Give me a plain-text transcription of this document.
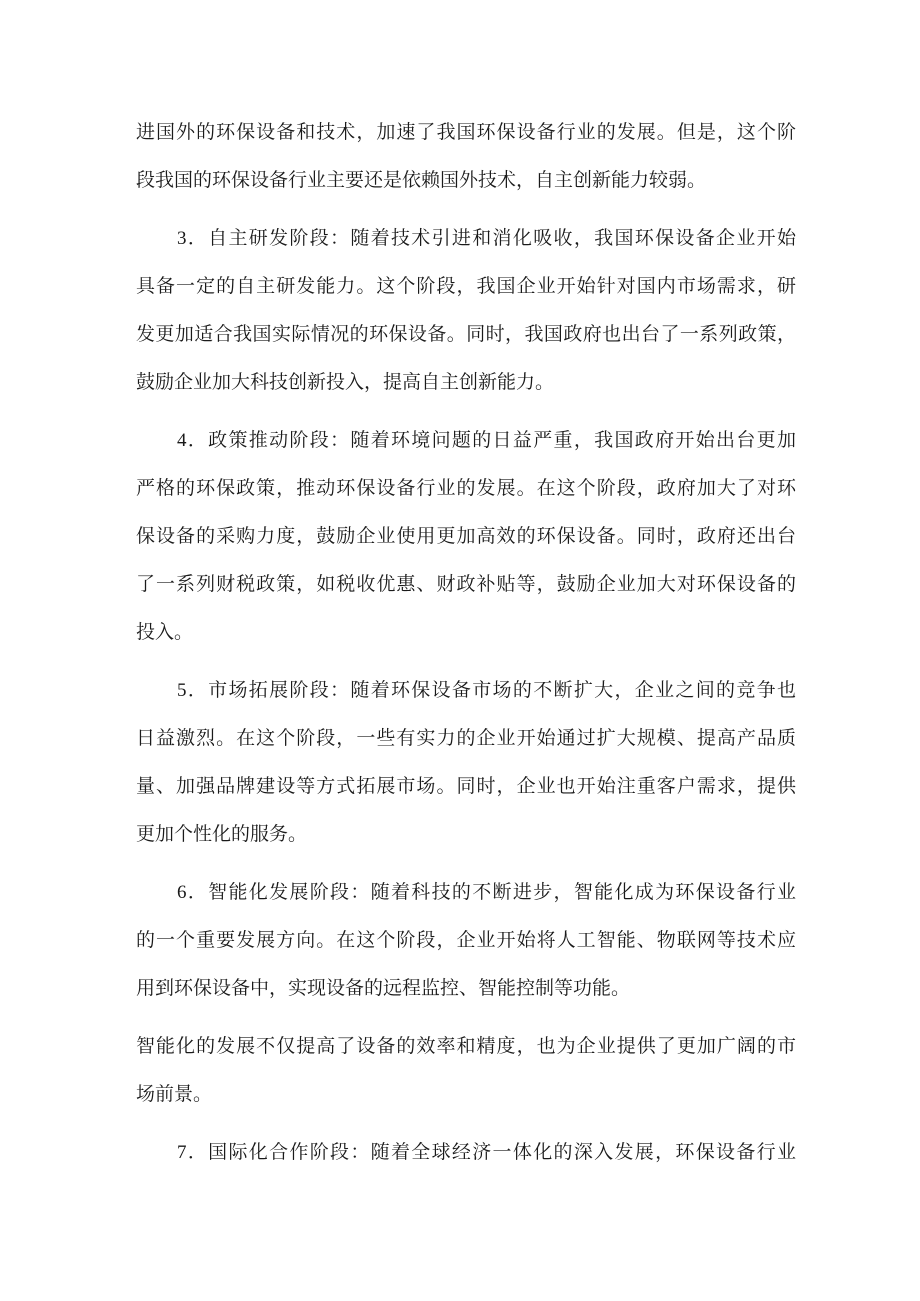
进国外的环保设备和技术，加速了我国环保设备行业的发展。但是，这个阶
段我国的环保设备行业主要还是依赖国外技术，自主创新能力较弱。
3．自主研发阶段：随着技术引进和消化吸收，我国环保设备企业开始
具备一定的自主研发能力。这个阶段，我国企业开始针对国内市场需求，研
发更加适合我国实际情况的环保设备。同时，我国政府也出台了一系列政策，
鼓励企业加大科技创新投入，提高自主创新能力。
4．政策推动阶段：随着环境问题的日益严重，我国政府开始出台更加
严格的环保政策，推动环保设备行业的发展。在这个阶段，政府加大了对环
保设备的采购力度，鼓励企业使用更加高效的环保设备。同时，政府还出台
了一系列财税政策，如税收优惠、财政补贴等，鼓励企业加大对环保设备的
投入。
5．市场拓展阶段：随着环保设备市场的不断扩大，企业之间的竞争也
日益激烈。在这个阶段，一些有实力的企业开始通过扩大规模、提高产品质
量、加强品牌建设等方式拓展市场。同时，企业也开始注重客户需求，提供
更加个性化的服务。
6．智能化发展阶段：随着科技的不断进步，智能化成为环保设备行业
的一个重要发展方向。在这个阶段，企业开始将人工智能、物联网等技术应
用到环保设备中，实现设备的远程监控、智能控制等功能。
智能化的发展不仅提高了设备的效率和精度，也为企业提供了更加广阔的市
场前景。
7．国际化合作阶段：随着全球经济一体化的深入发展，环保设备行业
